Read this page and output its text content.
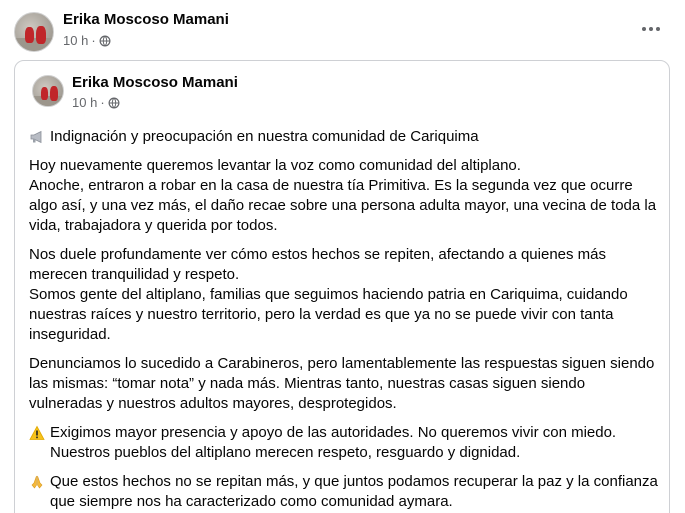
Erika Moscoso Mamani
10 h ·
Erika Moscoso Mamani
10 h ·

Indignación y preocupación en nuestra comunidad de Cariquima

Hoy nuevamente queremos levantar la voz como comunidad del altiplano.
Anoche, entraron a robar en la casa de nuestra tía Primitiva. Es la segunda vez que ocurre algo así, y una vez más, el daño recae sobre una persona adulta mayor, una vecina de toda la vida, trabajadora y querida por todos.

Nos duele profundamente ver cómo estos hechos se repiten, afectando a quienes más merecen tranquilidad y respeto.
Somos gente del altiplano, familias que seguimos haciendo patria en Cariquima, cuidando nuestras raíces y nuestro territorio, pero la verdad es que ya no se puede vivir con tanta inseguridad.

Denunciamos lo sucedido a Carabineros, pero lamentablemente las respuestas siguen siendo las mismas: “tomar nota” y nada más. Mientras tanto, nuestras casas siguen siendo vulneradas y nuestros adultos mayores, desprotegidos.

Exigimos mayor presencia y apoyo de las autoridades. No queremos vivir con miedo.
Nuestros pueblos del altiplano merecen respeto, resguardo y dignidad.

Que estos hechos no se repitan más, y que juntos podamos recuperar la paz y la confianza que siempre nos ha caracterizado como comunidad aymara.
